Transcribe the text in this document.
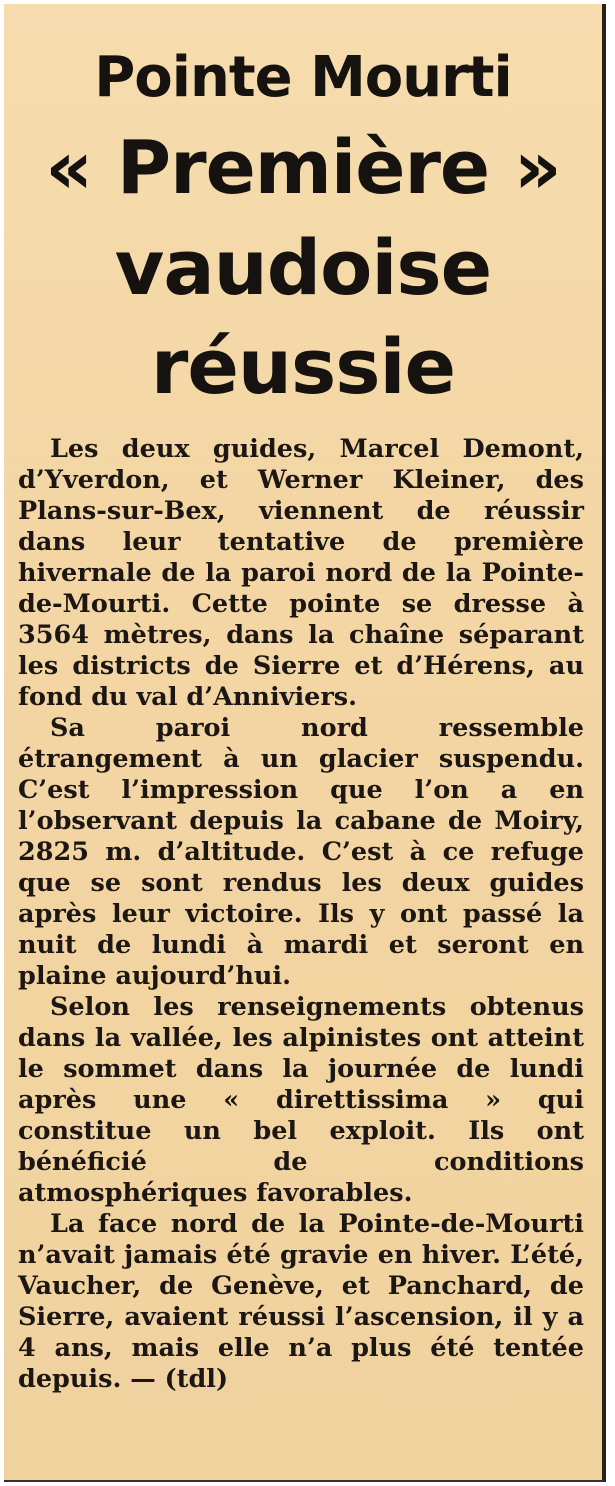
Pointe Mourti
« Première »
vaudoise
réussie

Les deux guides, Marcel Demont, d’Yverdon, et Werner Kleiner, des Plans-sur-Bex, viennent de réussir dans leur tentative de première hivernale de la paroi nord de la Pointe-de-Mourti. Cette pointe se dresse à 3564 mètres, dans la chaîne séparant les districts de Sierre et d’Hérens, au fond du val d’Anniviers.

Sa paroi nord ressemble étrangement à un glacier suspendu. C’est l’impression que l’on a en l’observant depuis la cabane de Moiry, 2825 m. d’altitude. C’est à ce refuge que se sont rendus les deux guides après leur victoire. Ils y ont passé la nuit de lundi à mardi et seront en plaine aujourd’hui.

Selon les renseignements obtenus dans la vallée, les alpinistes ont atteint le sommet dans la journée de lundi après une « direttissima » qui constitue un bel exploit. Ils ont bénéficié de conditions atmosphériques favorables.

La face nord de la Pointe-de-Mourti n’avait jamais été gravie en hiver. L’été, Vaucher, de Genève, et Panchard, de Sierre, avaient réussi l’ascension, il y a 4 ans, mais elle n’a plus été tentée depuis. — (tdl)
